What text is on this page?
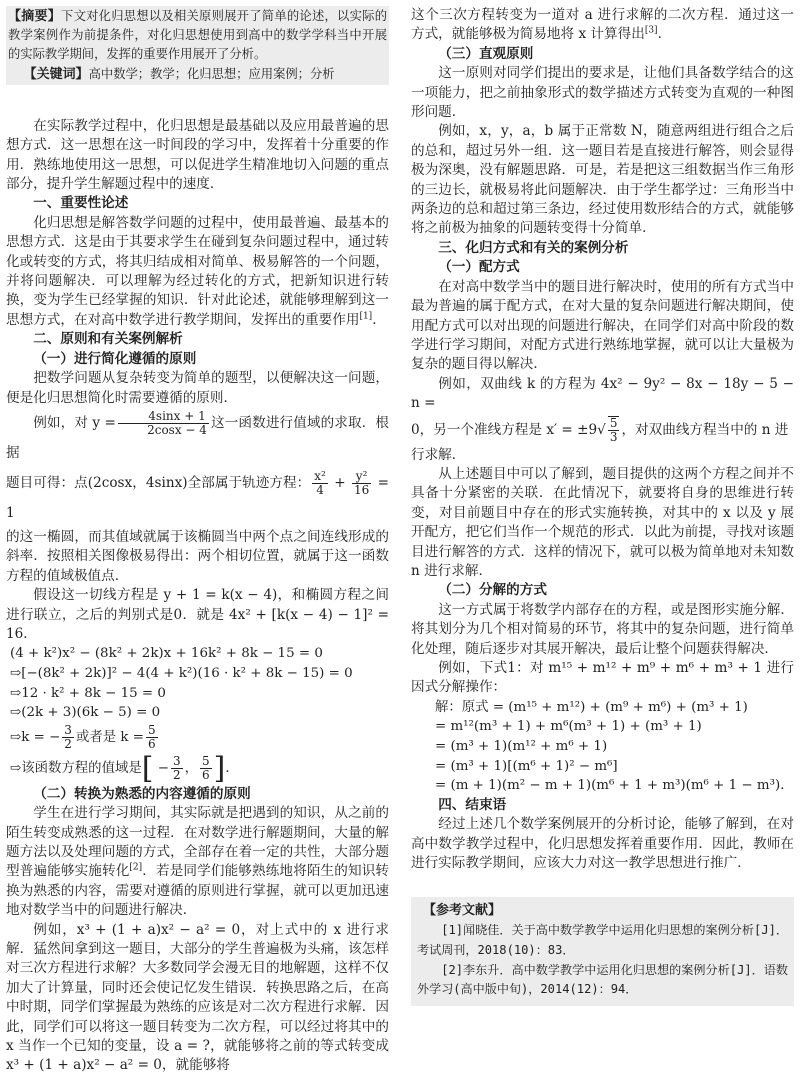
【摘要】下文对化归思想以及相关原则展开了简单的论述，以实际的教学案例作为前提条件，对化归思想使用到高中的数学学科当中开展的实际教学期间，发挥的重要作用展开了分析。

【关键词】高中数学；教学；化归思想；应用案例；分析

在实际教学过程中，化归思想是最基础以及应用最普遍的思想方式．这一思想在这一时间段的学习中，发挥着十分重要的作用．熟练地使用这一思想，可以促进学生精准地切入问题的重点部分，提升学生解题过程中的速度．

一、重要性论述

化归思想是解答数学问题的过程中，使用最普遍、最基本的思想方式．这是由于其要求学生在碰到复杂问题过程中，通过转化或转变的方式，将其归结成相对简单、极易解答的一个问题，并将问题解决．可以理解为经过转化的方式，把新知识进行转换，变为学生已经掌握的知识．针对此论述，就能够理解到这一思想方式，在对高中数学进行教学期间，发挥出的重要作用[1]．

二、原则和有关案例解析
（一）进行简化遵循的原则

把数学问题从复杂转变为简单的题型，以便解决这一问题，便是化归思想简化时需要遵循的原则．

例如，对 $y = \frac{4\sin x + 1}{2\cos x - 4}$ 这一函数进行值域的求取．根据

题目可得：点(2cosx，4sinx)全部属于轨迹方程： $\frac{\text{x²}}{4} + \frac{\text{y²}}{16} = 1$

的这一椭圆，而其值域就属于该椭圆当中两个点之间连线形成的斜率．按照相关图像极易得出：两个相切位置，就属于这一函数方程的值域极值点．

假设这一切线方程是 y + 1 = k(x − 4)，和椭圆方程之间进行联立，之后的判别式是0．就是 4x² + [k(x − 4) − 1]² = 16．

(4 + k²)x² − (8k² + 2k)x + 16k² + 8k − 15 = 0
⇨[−(8k² + 2k)]² − 4(4 + k²)(16 · k² + 8k − 15) = 0
⇨12 · k² + 8k − 15 = 0
⇨(2k + 3)(6k − 5) = 0
⇨k = − $\frac{3}{2}$ 或者是 $k = \frac{5}{6}$
⇨该函数方程的值域是[ − $\frac{3}{2}$ ， $\frac{5}{6}$ ]．
（二）转换为熟悉的内容遵循的原则

学生在进行学习期间，其实际就是把遇到的知识，从之前的陌生转变成熟悉的这一过程．在对数学进行解题期间，大量的解题方法以及处理问题的方式，全部存在着一定的共性，大部分题型普遍能够实施转化[2]．若是同学们能够熟练地将陌生的知识转换为熟悉的内容，需要对遵循的原则进行掌握，就可以更加迅速地对数学当中的问题进行解决．

例如，x³ + (1 + a)x² − a² = 0，对上式中的 x 进行求解．猛然间拿到这一题目，大部分的学生普遍极为头痛，该怎样对三次方程进行求解？大多数同学会漫无目的地解题，这样不仅加大了计算量，同时还会使记忆发生错误．转换思路之后，在高中时期，同学们掌握最为熟练的应该是对二次方程进行求解．因此，同学们可以将这一题目转变为二次方程，可以经过将其中的 x 当作一个已知的变量，设 a = ?，就能够将之前的等式转变成 x³ + (1 + a)x² − a² = 0，就能够将

这个三次方程转变为一道对 a 进行求解的二次方程．通过这一方式，就能够极为简易地将 x 计算得出[3]．

（三）直观原则

这一原则对同学们提出的要求是，让他们具备数学结合的这一项能力，把之前抽象形式的数学描述方式转变为直观的一种图形问题．

例如，x，y，a，b 属于正常数 N，随意两组进行组合之后的总和，超过另外一组．这一题目若是直接进行解答，则会显得极为深奥，没有解题思路．可是，若是把这三组数据当作三角形的三边长，就极易将此问题解决．由于学生都学过：三角形当中两条边的总和超过第三条边，经过使用数形结合的方式，就能够将之前极为抽象的问题转变得十分简单．

三、化归方式和有关的案例分析
（一）配方式

在对高中数学当中的题目进行解决时，使用的所有方式当中最为普遍的属于配方式，在对大量的复杂问题进行解决期间，使用配方式可以对出现的问题进行解决，在同学们对高中阶段的数学进行学习期间，对配方式进行熟练地掌握，就可以让大量极为复杂的题目得以解决．

例如，双曲线 k 的方程为 4x² − 9y² − 8x − 18y − 5 − n =

0，另一个准线方程是 $x' = \pm 9√ \frac{5}{3}$ ，对双曲线方程当中的 n 进

行求解．

从上述题目中可以了解到，题目提供的这两个方程之间并不具备十分紧密的关联．在此情况下，就要将自身的思维进行转变，对目前题目中存在的形式实施转换，对其中的 x 以及 y 展开配方，把它们当作一个规范的形式．以此为前提，寻找对该题目进行解答的方式．这样的情况下，就可以极为简单地对未知数 n 进行求解．

（二）分解的方式

这一方式属于将数学内部存在的方程，或是图形实施分解．将其划分为几个相对简易的环节，将其中的复杂问题，进行简单化处理，随后逐步对其展开解决，最后让整个问题获得解决．

例如，下式1：对 m¹⁵ + m¹² + m⁹ + m⁶ + m³ + 1 进行因式分解操作：

解：原式 = (m¹⁵ + m¹²) + (m⁹ + m⁶) + (m³ + 1)
= m¹²(m³ + 1) + m⁶(m³ + 1) + (m³ + 1)
= (m³ + 1)(m¹² + m⁶ + 1)
= (m³ + 1)[(m⁶ + 1)² − m⁶]
= (m + 1)(m² − m + 1)(m⁶ + 1 + m³)(m⁶ + 1 − m³)．
四、结束语

经过上述几个数学案例展开的分析讨论，能够了解到，在对高中数学教学过程中，化归思想发挥着重要作用．因此，教师在进行实际教学期间，应该大力对这一教学思想进行推广．

【参考文献】

[1]闻晓佳．关于高中数学教学中运用化归思想的案例分析[J]．考试周刊，2018(10)：83．

[2]李东升．高中数学教学中运用化归思想的案例分析[J]．语数外学习(高中版中旬)，2014(12)：94．
